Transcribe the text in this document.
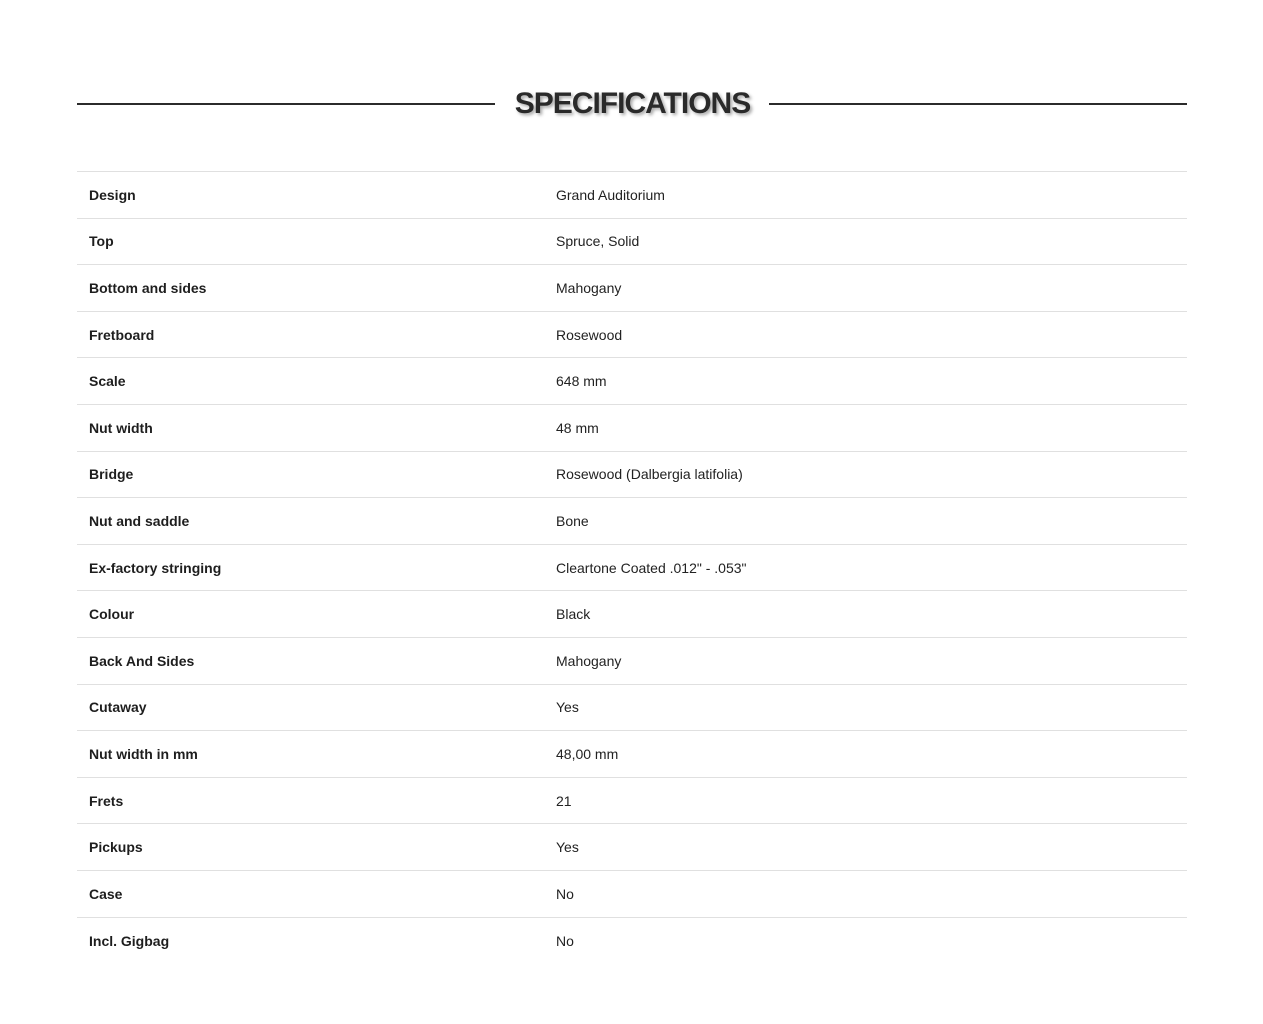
SPECIFICATIONS
Design	Grand Auditorium
Top	Spruce, Solid
Bottom and sides	Mahogany
Fretboard	Rosewood
Scale	648 mm
Nut width	48 mm
Bridge	Rosewood (Dalbergia latifolia)
Nut and saddle	Bone
Ex-factory stringing	Cleartone Coated .012" - .053"
Colour	Black
Back And Sides	Mahogany
Cutaway	Yes
Nut width in mm	48,00 mm
Frets	21
Pickups	Yes
Case	No
Incl. Gigbag	No
